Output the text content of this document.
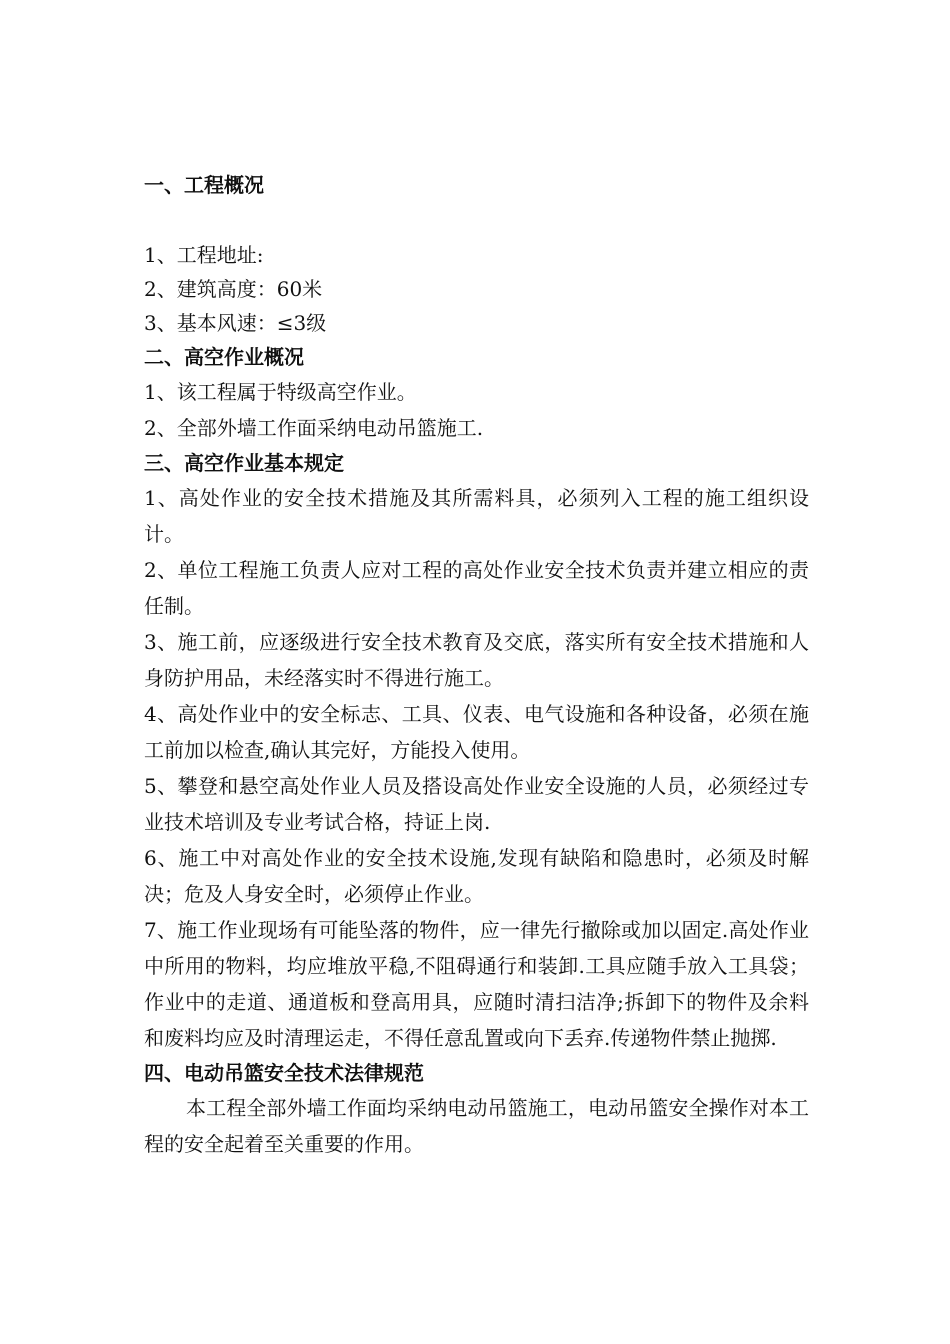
一、工程概况
1、工程地址:
2、建筑高度：60米
3、基本风速：≤3级
二、高空作业概况
1、该工程属于特级高空作业。
2、全部外墙工作面采纳电动吊篮施工.
三、高空作业基本规定
1、高处作业的安全技术措施及其所需料具，必须列入工程的施工组织设计。
2、单位工程施工负责人应对工程的高处作业安全技术负责并建立相应的责任制。
3、施工前，应逐级进行安全技术教育及交底，落实所有安全技术措施和人身防护用品，未经落实时不得进行施工。
4、高处作业中的安全标志、工具、仪表、电气设施和各种设备，必须在施工前加以检查,确认其完好，方能投入使用。
5、攀登和悬空高处作业人员及搭设高处作业安全设施的人员，必须经过专业技术培训及专业考试合格，持证上岗.
6、施工中对高处作业的安全技术设施,发现有缺陷和隐患时，必须及时解决；危及人身安全时，必须停止作业。
7、施工作业现场有可能坠落的物件，应一律先行撤除或加以固定.高处作业中所用的物料，均应堆放平稳,不阻碍通行和装卸.工具应随手放入工具袋；作业中的走道、通道板和登高用具，应随时清扫洁净;拆卸下的物件及余料和废料均应及时清理运走，不得任意乱置或向下丢弃.传递物件禁止抛掷.
四、电动吊篮安全技术法律规范
本工程全部外墙工作面均采纳电动吊篮施工，电动吊篮安全操作对本工程的安全起着至关重要的作用。
